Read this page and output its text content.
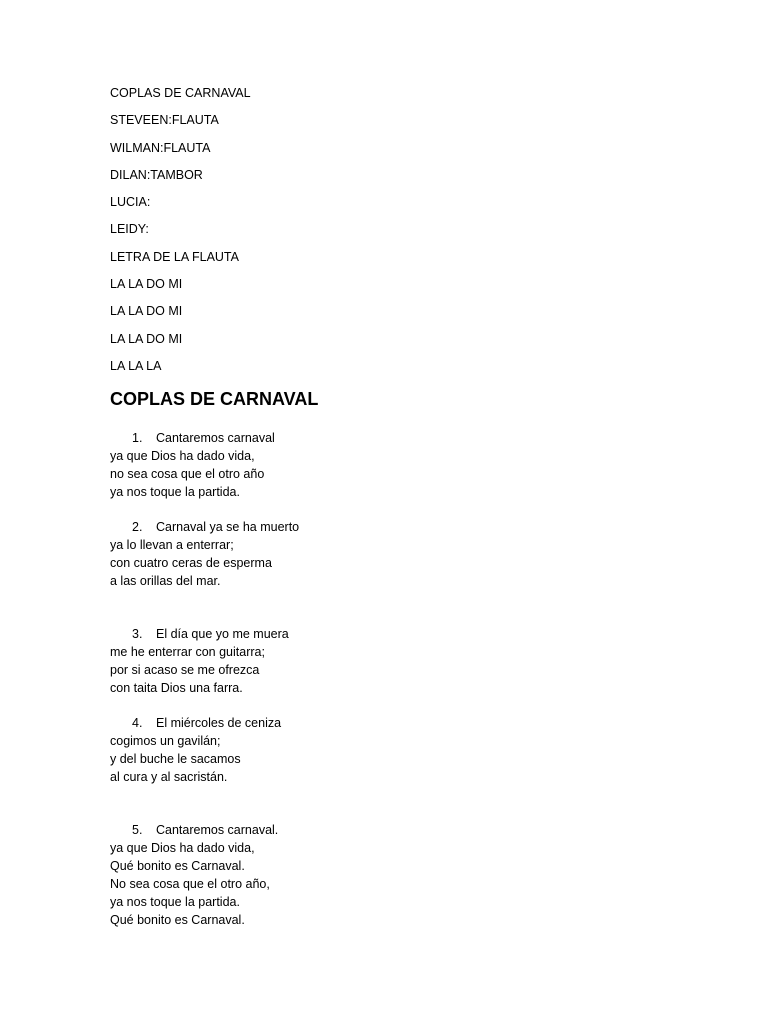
COPLAS DE CARNAVAL
STEVEEN:FLAUTA
WILMAN:FLAUTA
DILAN:TAMBOR
LUCIA:
LEIDY:
LETRA DE LA FLAUTA
LA LA DO MI
LA LA DO MI
LA LA DO MI
LA LA LA
COPLAS DE CARNAVAL
1. Cantaremos carnaval
ya que Dios ha dado vida,
no sea cosa que el otro año
ya nos toque la partida.
2. Carnaval ya se ha muerto
ya lo llevan a enterrar;
con cuatro ceras de esperma
a las orillas del mar.
3. El día que yo me muera
me he enterrar con guitarra;
por si acaso se me ofrezca
con taita Dios una farra.
4. El miércoles de ceniza
cogimos un gavilán;
y del buche le sacamos
al cura y al sacristán.
5. Cantaremos carnaval.
ya que Dios ha dado vida,
Qué bonito es Carnaval.
No sea cosa que el otro año,
ya nos toque la partida.
Qué bonito es Carnaval.
